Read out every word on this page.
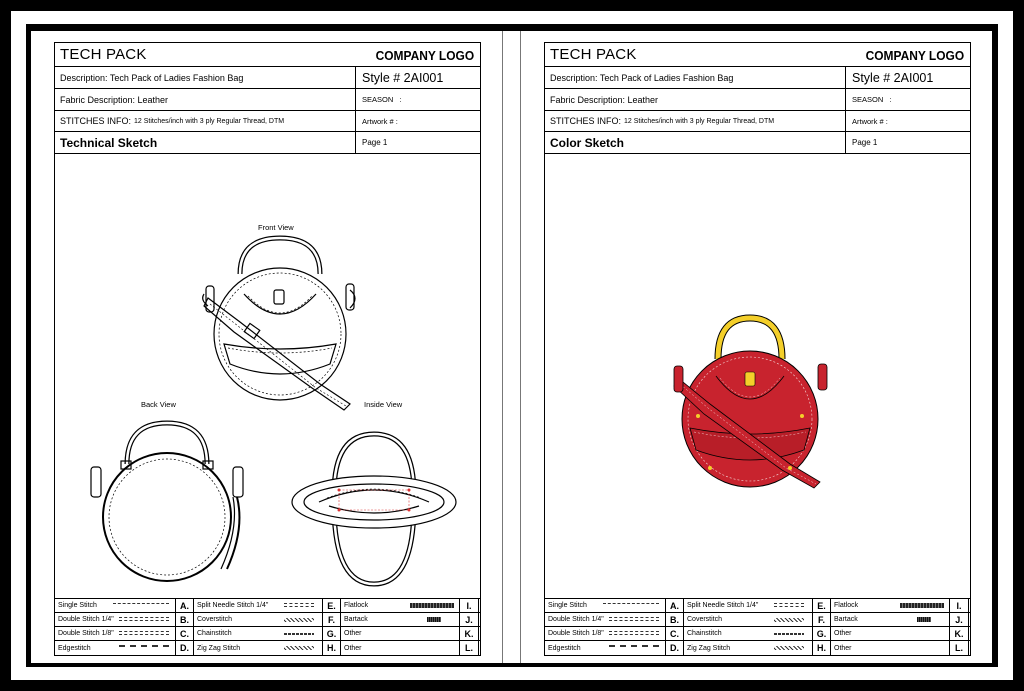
TECH PACK	COMPANY LOGO
Description: Tech Pack of Ladies Fashion Bag	Style # 2AI001
Fabric Description: Leather	SEASON   :
STITCHES INFO: 12 Stitches/inch with 3 ply Regular Thread, DTM	Artwork # :
Technical Sketch	Page 1
Front View
Back View	Inside View
Single Stitch	A.	Split Needle Stitch 1/4"	E.	Flatlock	I.
Double Stitch 1/4"	B.	Coverstitch	F.	Bartack	J.
Double Stitch 1/8"	C.	Chainstitch	G.	Other	K.
Edgestitch	D.	Zig Zag Stitch	H.	Other	L.
TECH PACK	COMPANY LOGO
Description: Tech Pack of Ladies Fashion Bag	Style # 2AI001
Fabric Description: Leather	SEASON   :
STITCHES INFO: 12 Stitches/inch with 3 ply Regular Thread, DTM	Artwork # :
Color Sketch	Page 1
Single Stitch	A.	Split Needle Stitch 1/4"	E.	Flatlock	I.
Double Stitch 1/4"	B.	Coverstitch	F.	Bartack	J.
Double Stitch 1/8"	C.	Chainstitch	G.	Other	K.
Edgestitch	D.	Zig Zag Stitch	H.	Other	L.
